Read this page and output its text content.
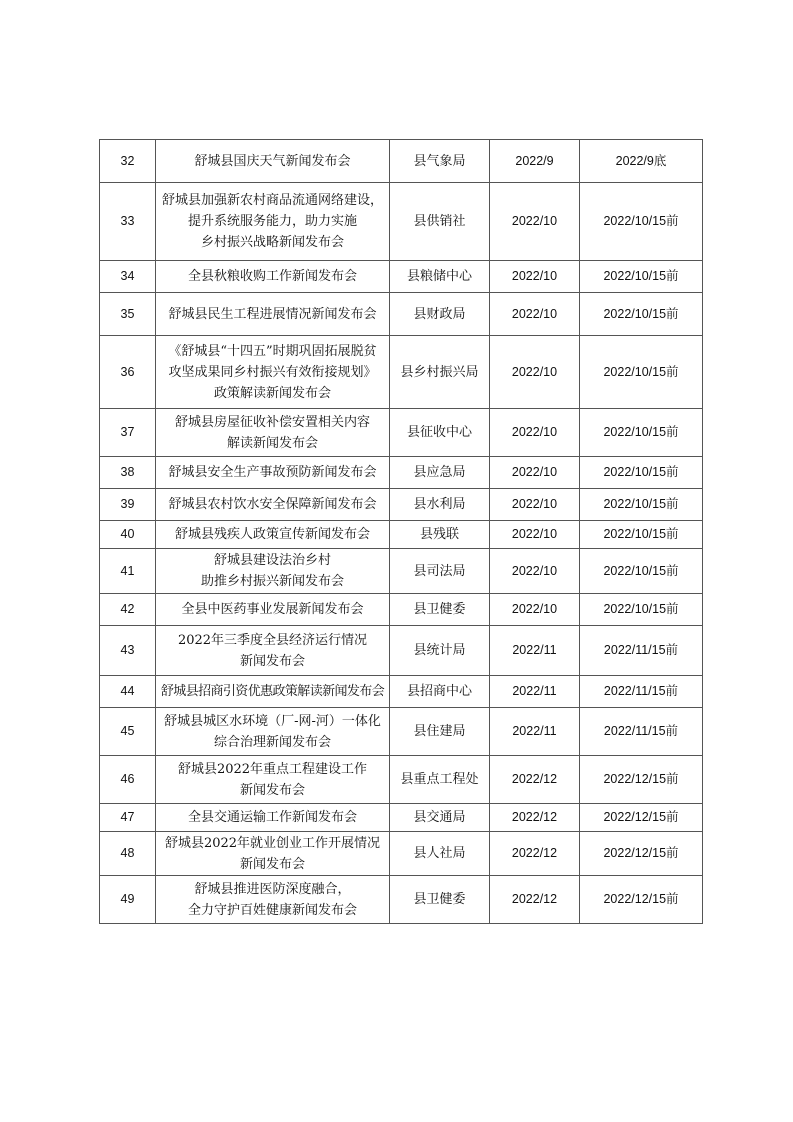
32	舒城县国庆天气新闻发布会	县气象局	2022/9	2022/9底
33	舒城县加强新农村商品流通网络建设，
提升系统服务能力，助力实施
乡村振兴战略新闻发布会	县供销社	2022/10	2022/10/15前
34	全县秋粮收购工作新闻发布会	县粮储中心	2022/10	2022/10/15前
35	舒城县民生工程进展情况新闻发布会	县财政局	2022/10	2022/10/15前
36	《舒城县“十四五”时期巩固拓展脱贫
攻坚成果同乡村振兴有效衔接规划》
政策解读新闻发布会	县乡村振兴局	2022/10	2022/10/15前
37	舒城县房屋征收补偿安置相关内容
解读新闻发布会	县征收中心	2022/10	2022/10/15前
38	舒城县安全生产事故预防新闻发布会	县应急局	2022/10	2022/10/15前
39	舒城县农村饮水安全保障新闻发布会	县水利局	2022/10	2022/10/15前
40	舒城县残疾人政策宣传新闻发布会	县残联	2022/10	2022/10/15前
41	舒城县建设法治乡村
助推乡村振兴新闻发布会	县司法局	2022/10	2022/10/15前
42	全县中医药事业发展新闻发布会	县卫健委	2022/10	2022/10/15前
43	2022年三季度全县经济运行情况
新闻发布会	县统计局	2022/11	2022/11/15前
44	舒城县招商引资优惠政策解读新闻发布会	县招商中心	2022/11	2022/11/15前
45	舒城县城区水环境（厂-网-河）一体化
综合治理新闻发布会	县住建局	2022/11	2022/11/15前
46	舒城县2022年重点工程建设工作
新闻发布会	县重点工程处	2022/12	2022/12/15前
47	全县交通运输工作新闻发布会	县交通局	2022/12	2022/12/15前
48	舒城县2022年就业创业工作开展情况
新闻发布会	县人社局	2022/12	2022/12/15前
49	舒城县推进医防深度融合，
全力守护百姓健康新闻发布会	县卫健委	2022/12	2022/12/15前
